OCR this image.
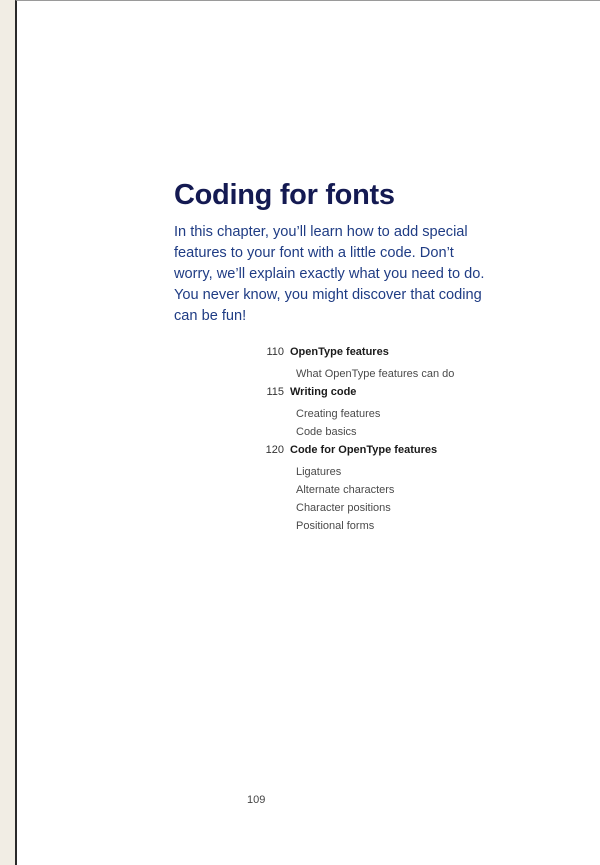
Coding for fonts

In this chapter, you’ll learn how to add special features to your font with a little code. Don’t worry, we’ll explain exactly what you need to do. You never know, you might discover that coding can be fun!

110 OpenType features
What OpenType features can do
115 Writing code
Creating features
Code basics
120 Code for OpenType features
Ligatures
Alternate characters
Character positions
Positional forms
109
